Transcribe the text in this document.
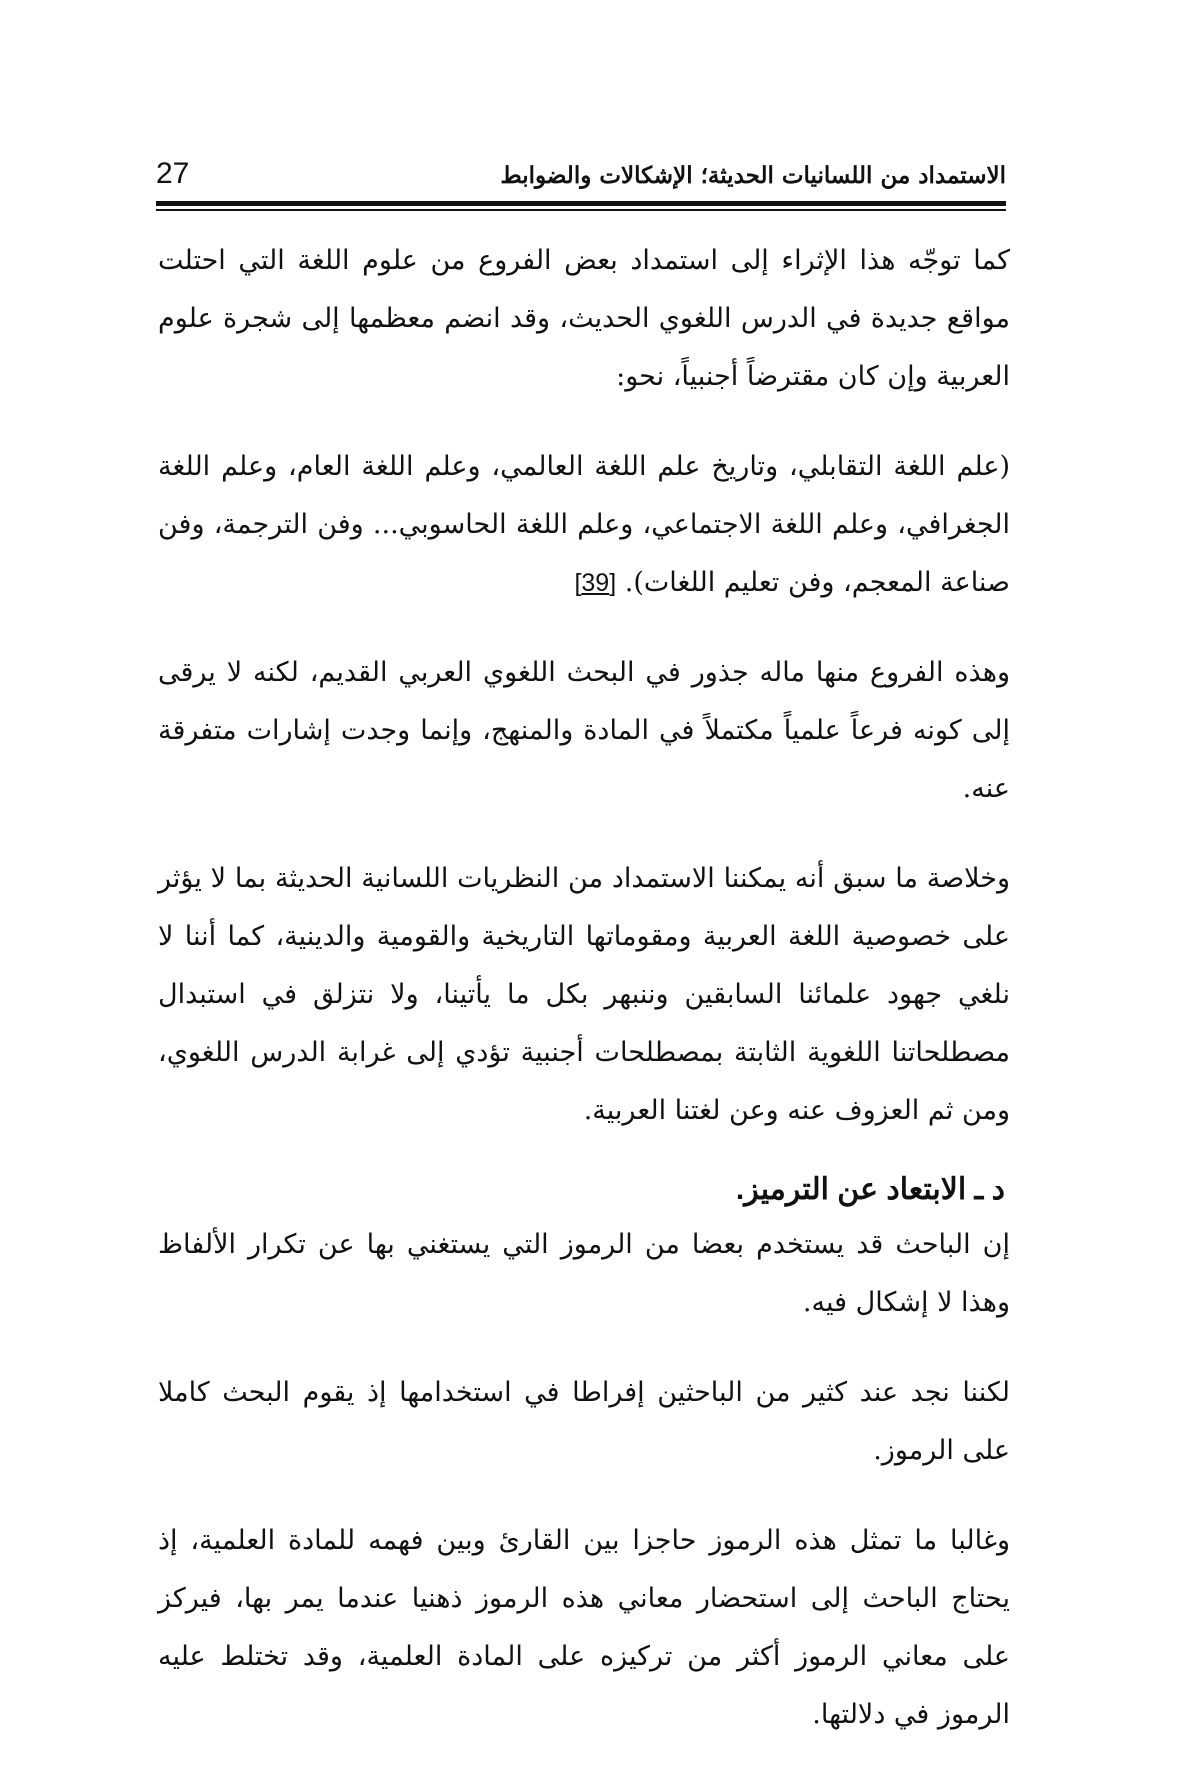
27	الاستمداد من اللسانيات الحديثة؛ الإشكالات والضوابط

كما توجّه هذا الإثراء إلى استمداد بعض الفروع من علوم اللغة التي احتلت مواقع جديدة في الدرس اللغوي الحديث، وقد انضم معظمها إلى شجرة علوم العربية وإن كان مقترضاً أجنبياً، نحو:

(علم اللغة التقابلي، وتاريخ علم اللغة العالمي، وعلم اللغة العام، وعلم اللغة الجغرافي، وعلم اللغة الاجتماعي، وعلم اللغة الحاسوبي... وفن الترجمة، وفن صناعة المعجم، وفن تعليم اللغات). [39]

وهذه الفروع منها ماله جذور في البحث اللغوي العربي القديم، لكنه لا يرقى إلى كونه فرعاً علمياً مكتملاً في المادة والمنهج، وإنما وجدت إشارات متفرقة عنه.

وخلاصة ما سبق أنه يمكننا الاستمداد من النظريات اللسانية الحديثة بما لا يؤثر على خصوصية اللغة العربية ومقوماتها التاريخية والقومية والدينية، كما أننا لا نلغي جهود علمائنا السابقين وننبهر بكل ما يأتينا، ولا نتزلق في استبدال مصطلحاتنا اللغوية الثابتة بمصطلحات أجنبية تؤدي إلى غرابة الدرس اللغوي، ومن ثم العزوف عنه وعن لغتنا العربية.

د ـ الابتعاد عن الترميز.

إن الباحث قد يستخدم بعضا من الرموز التي يستغني بها عن تكرار الألفاظ وهذا لا إشكال فيه.

لكننا نجد عند كثير من الباحثين إفراطا في استخدامها إذ يقوم البحث كاملا على الرموز.

وغالبا ما تمثل هذه الرموز حاجزا بين القارئ وبين فهمه للمادة العلمية، إذ يحتاج الباحث إلى استحضار معاني هذه الرموز ذهنيا عندما يمر بها، فيركز على معاني الرموز أكثر من تركيزه على المادة العلمية، وقد تختلط عليه الرموز في دلالتها.
